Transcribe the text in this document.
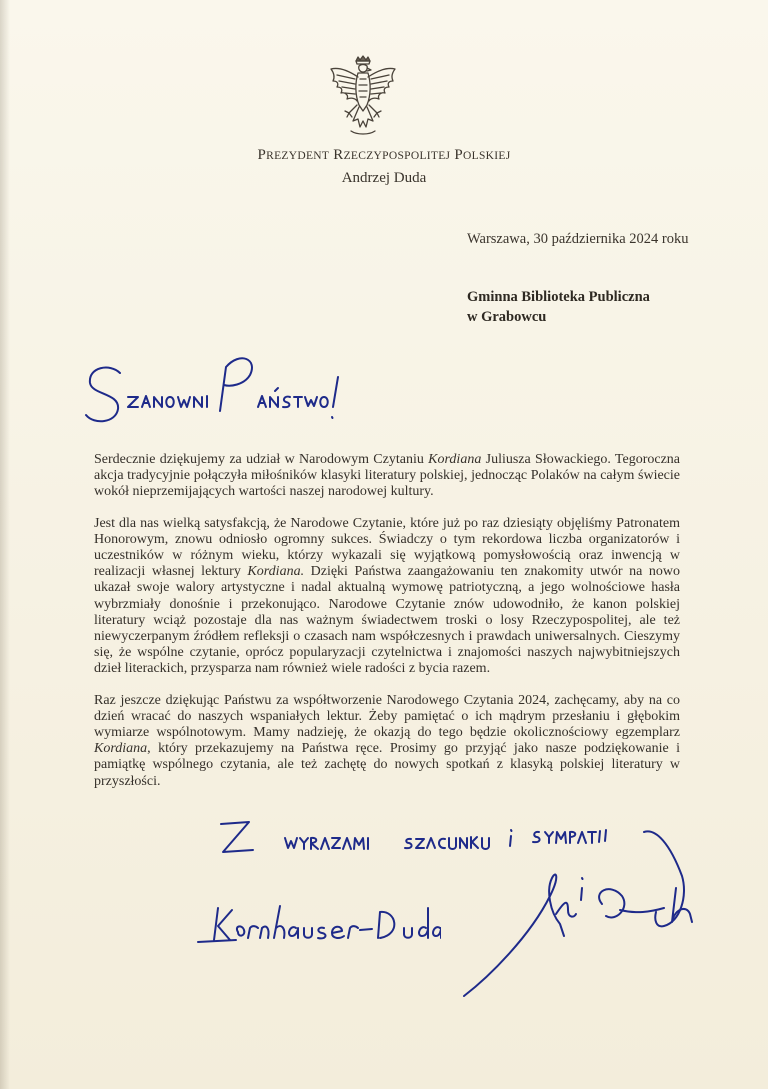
PREZYDENT RZECZYPOSPOLITEJ POLSKIEJ
Andrzej Duda
Warszawa, 30 października 2024 roku
Gminna Biblioteka Publiczna
w Grabowcu

Serdecznie dziękujemy za udział w Narodowym Czytaniu Kordiana Juliusza Słowackiego. Tegoroczna akcja tradycyjnie połączyła miłośników klasyki literatury polskiej, jednocząc Polaków na całym świecie wokół nieprzemijających wartości naszej narodowej kultury.

Jest dla nas wielką satysfakcją, że Narodowe Czytanie, które już po raz dziesiąty objęliśmy Patronatem Honorowym, znowu odniosło ogromny sukces. Świadczy o tym rekordowa liczba organizatorów i uczestników w różnym wieku, którzy wykazali się wyjątkową pomysłowością oraz inwencją w realizacji własnej lektury Kordiana. Dzięki Państwa zaangażowaniu ten znakomity utwór na nowo ukazał swoje walory artystyczne i nadal aktualną wymowę patriotyczną, a jego wolnościowe hasła wybrzmiały donośnie i przekonująco. Narodowe Czytanie znów udowodniło, że kanon polskiej literatury wciąż pozostaje dla nas ważnym świadectwem troski o losy Rzeczypospolitej, ale też niewyczerpanym źródłem refleksji o czasach nam współczesnych i prawdach uniwersalnych. Cieszymy się, że wspólne czytanie, oprócz popularyzacji czytelnictwa i znajomości naszych najwybitniejszych dzieł literackich, przysparza nam również wiele radości z bycia razem.

Raz jeszcze dziękując Państwu za współtworzenie Narodowego Czytania 2024, zachęcamy, aby na co dzień wracać do naszych wspaniałych lektur. Żeby pamiętać o ich mądrym przesłaniu i głębokim wymiarze wspólnotowym. Mamy nadzieję, że okazją do tego będzie okolicznościowy egzemplarz Kordiana, który przekazujemy na Państwa ręce. Prosimy go przyjąć jako nasze podziękowanie i pamiątkę wspólnego czytania, ale też zachętę do nowych spotkań z klasyką polskiej literatury w przyszłości.
